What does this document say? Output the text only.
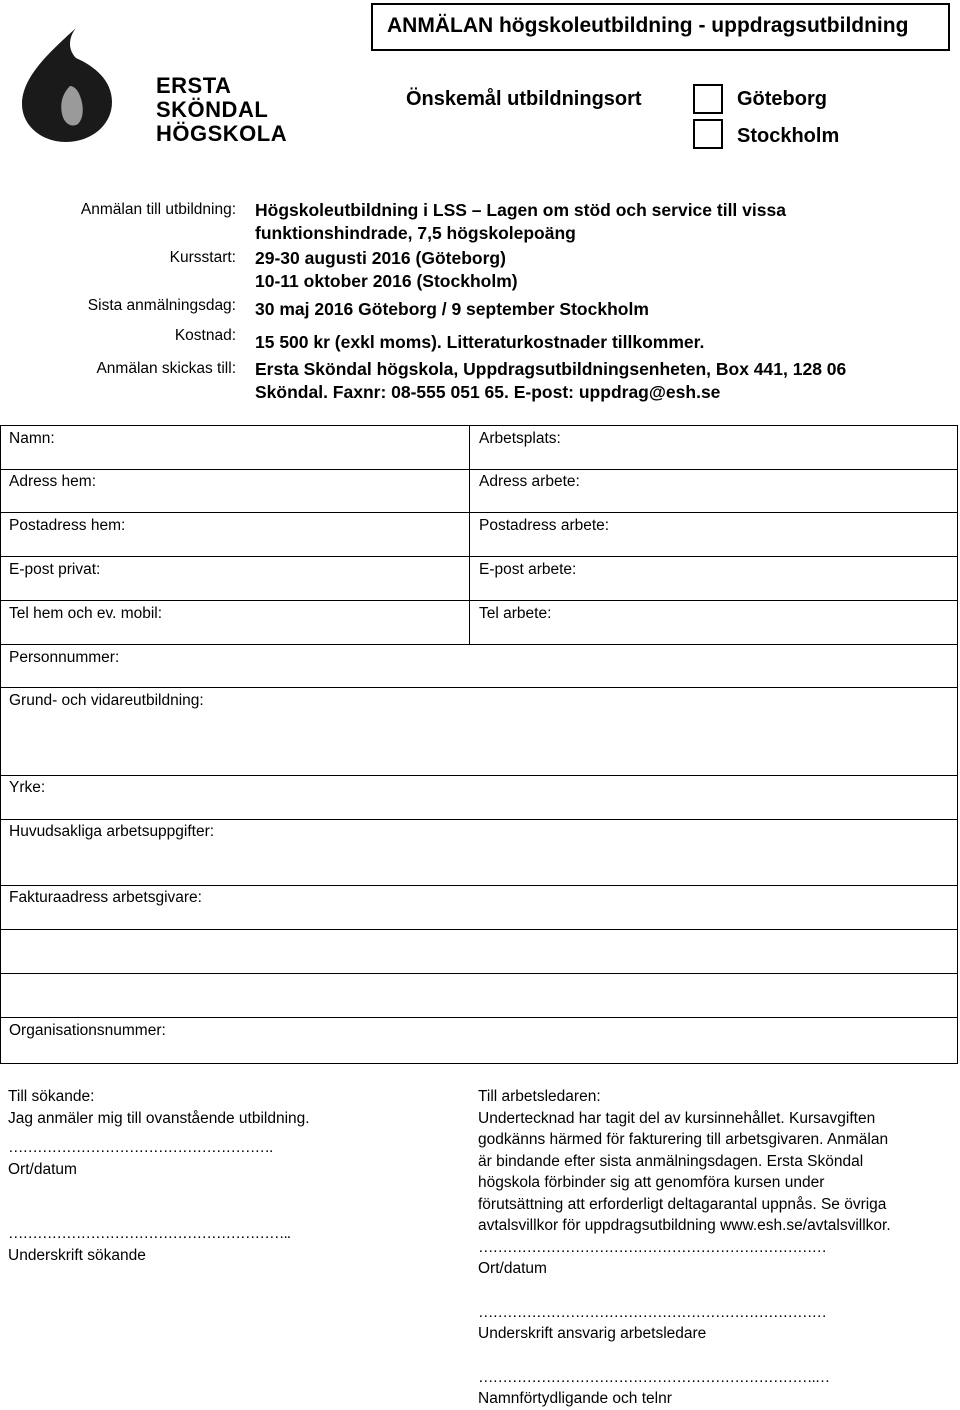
ANMÄLAN högskoleutbildning - uppdragsutbildning
ERSTA
SKÖNDAL
HÖGSKOLA
Önskemål utbildningsort	Göteborg
Stockholm
Anmälan till utbildning: Högskoleutbildning i LSS – Lagen om stöd och service till vissa
funktionshindrade, 7,5 högskolepoäng
Kursstart: 29-30 augusti 2016 (Göteborg)
10-11 oktober 2016 (Stockholm)
Sista anmälningsdag: 30 maj 2016 Göteborg / 9 september Stockholm
Kostnad: 15 500 kr (exkl moms). Litteraturkostnader tillkommer.
Anmälan skickas till: Ersta Sköndal högskola, Uppdragsutbildningsenheten, Box 441, 128 06
Sköndal. Faxnr: 08-555 051 65. E-post: uppdrag@esh.se
Namn:	Arbetsplats:
Adress hem:	Adress arbete:
Postadress hem:	Postadress arbete:
E-post privat:	E-post arbete:
Tel hem och ev. mobil:	Tel arbete:
Personnummer:
Grund- och vidareutbildning:
Yrke:
Huvudsakliga arbetsuppgifter:
Fakturaadress arbetsgivare:
Organisationsnummer:
Till sökande:
Jag anmäler mig till ovanstående utbildning.
……………………………………………….
Ort/datum
…………………………………………………..
Underskrift sökande
Till arbetsledaren:
Undertecknad har tagit del av kursinnehållet. Kursavgiften
godkänns härmed för fakturering till arbetsgivaren. Anmälan
är bindande efter sista anmälningsdagen. Ersta Sköndal
högskola förbinder sig att genomföra kursen under
förutsättning att erforderligt deltagarantal uppnås. Se övriga
avtalsvillkor för uppdragsutbildning www.esh.se/avtalsvillkor.
………………………………………………………………
Ort/datum
………………………………………………………………
Underskrift ansvarig arbetsledare
…………………………………………………………….…
Namnförtydligande och telnr
